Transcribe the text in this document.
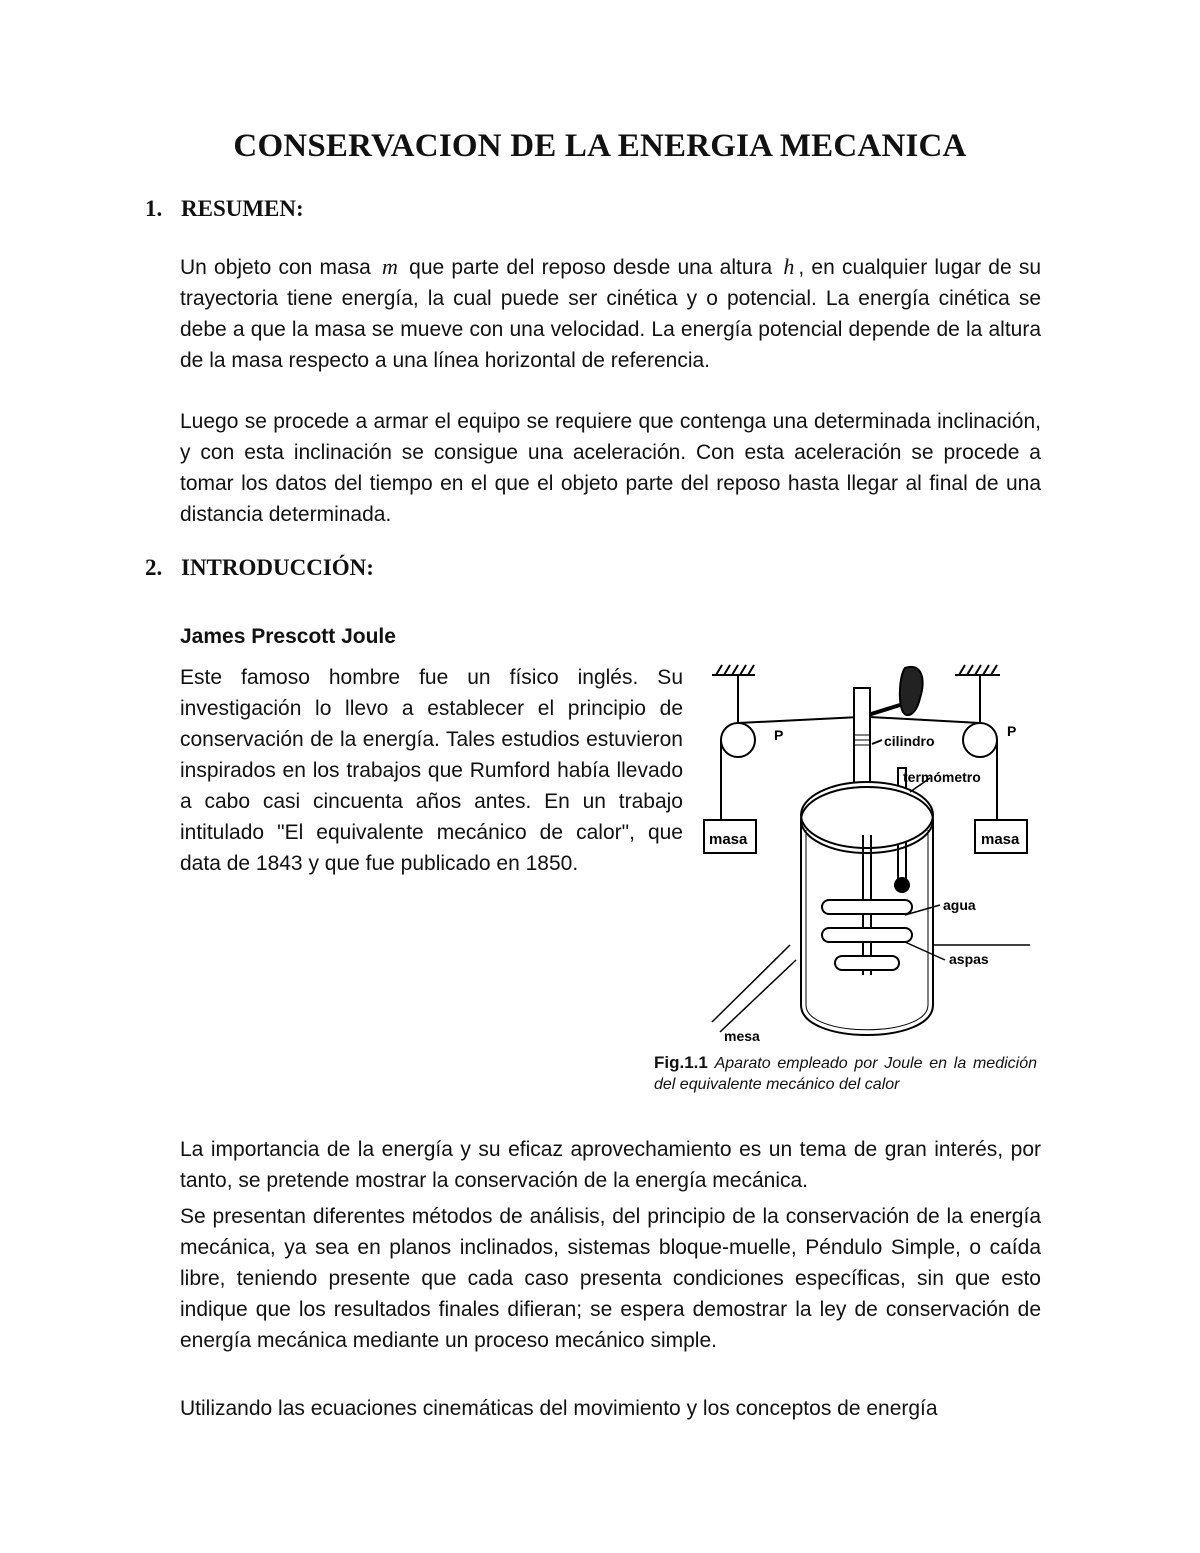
CONSERVACION DE LA ENERGIA MECANICA
1. RESUMEN:

Un objeto con masa m que parte del reposo desde una altura h , en cualquier lugar de su trayectoria tiene energía, la cual puede ser cinética y o potencial. La energía cinética se debe a que la masa se mueve con una velocidad. La energía potencial depende de la altura de la masa respecto a una línea horizontal de referencia.

Luego se procede a armar el equipo se requiere que contenga una determinada inclinación, y con esta inclinación se consigue una aceleración. Con esta aceleración se procede a tomar los datos del tiempo en el que el objeto parte del reposo hasta llegar al final de una distancia determinada.

2. INTRODUCCIÓN:
James Prescott Joule

Este famoso hombre fue un físico inglés. Su investigación lo llevo a establecer el principio de conservación de la energía. Tales estudios estuvieron inspirados en los trabajos que Rumford había llevado a cabo casi cincuenta años antes. En un trabajo intitulado "El equivalente mecánico de calor", que data de 1843 y que fue publicado en 1850.

P	P
cilindro
termómetro
masa	masa
agua
aspas
mesa
Fig.1.1 Aparato empleado por Joule en la medición del equivalente mecánico del calor

La importancia de la energía y su eficaz aprovechamiento es un tema de gran interés, por tanto, se pretende mostrar la conservación de la energía mecánica.

Se presentan diferentes métodos de análisis, del principio de la conservación de la energía mecánica, ya sea en planos inclinados, sistemas bloque-muelle, Péndulo Simple, o caída libre, teniendo presente que cada caso presenta condiciones específicas, sin que esto indique que los resultados finales difieran; se espera demostrar la ley de conservación de energía mecánica mediante un proceso mecánico simple.

Utilizando las ecuaciones cinemáticas del movimiento y los conceptos de energía
